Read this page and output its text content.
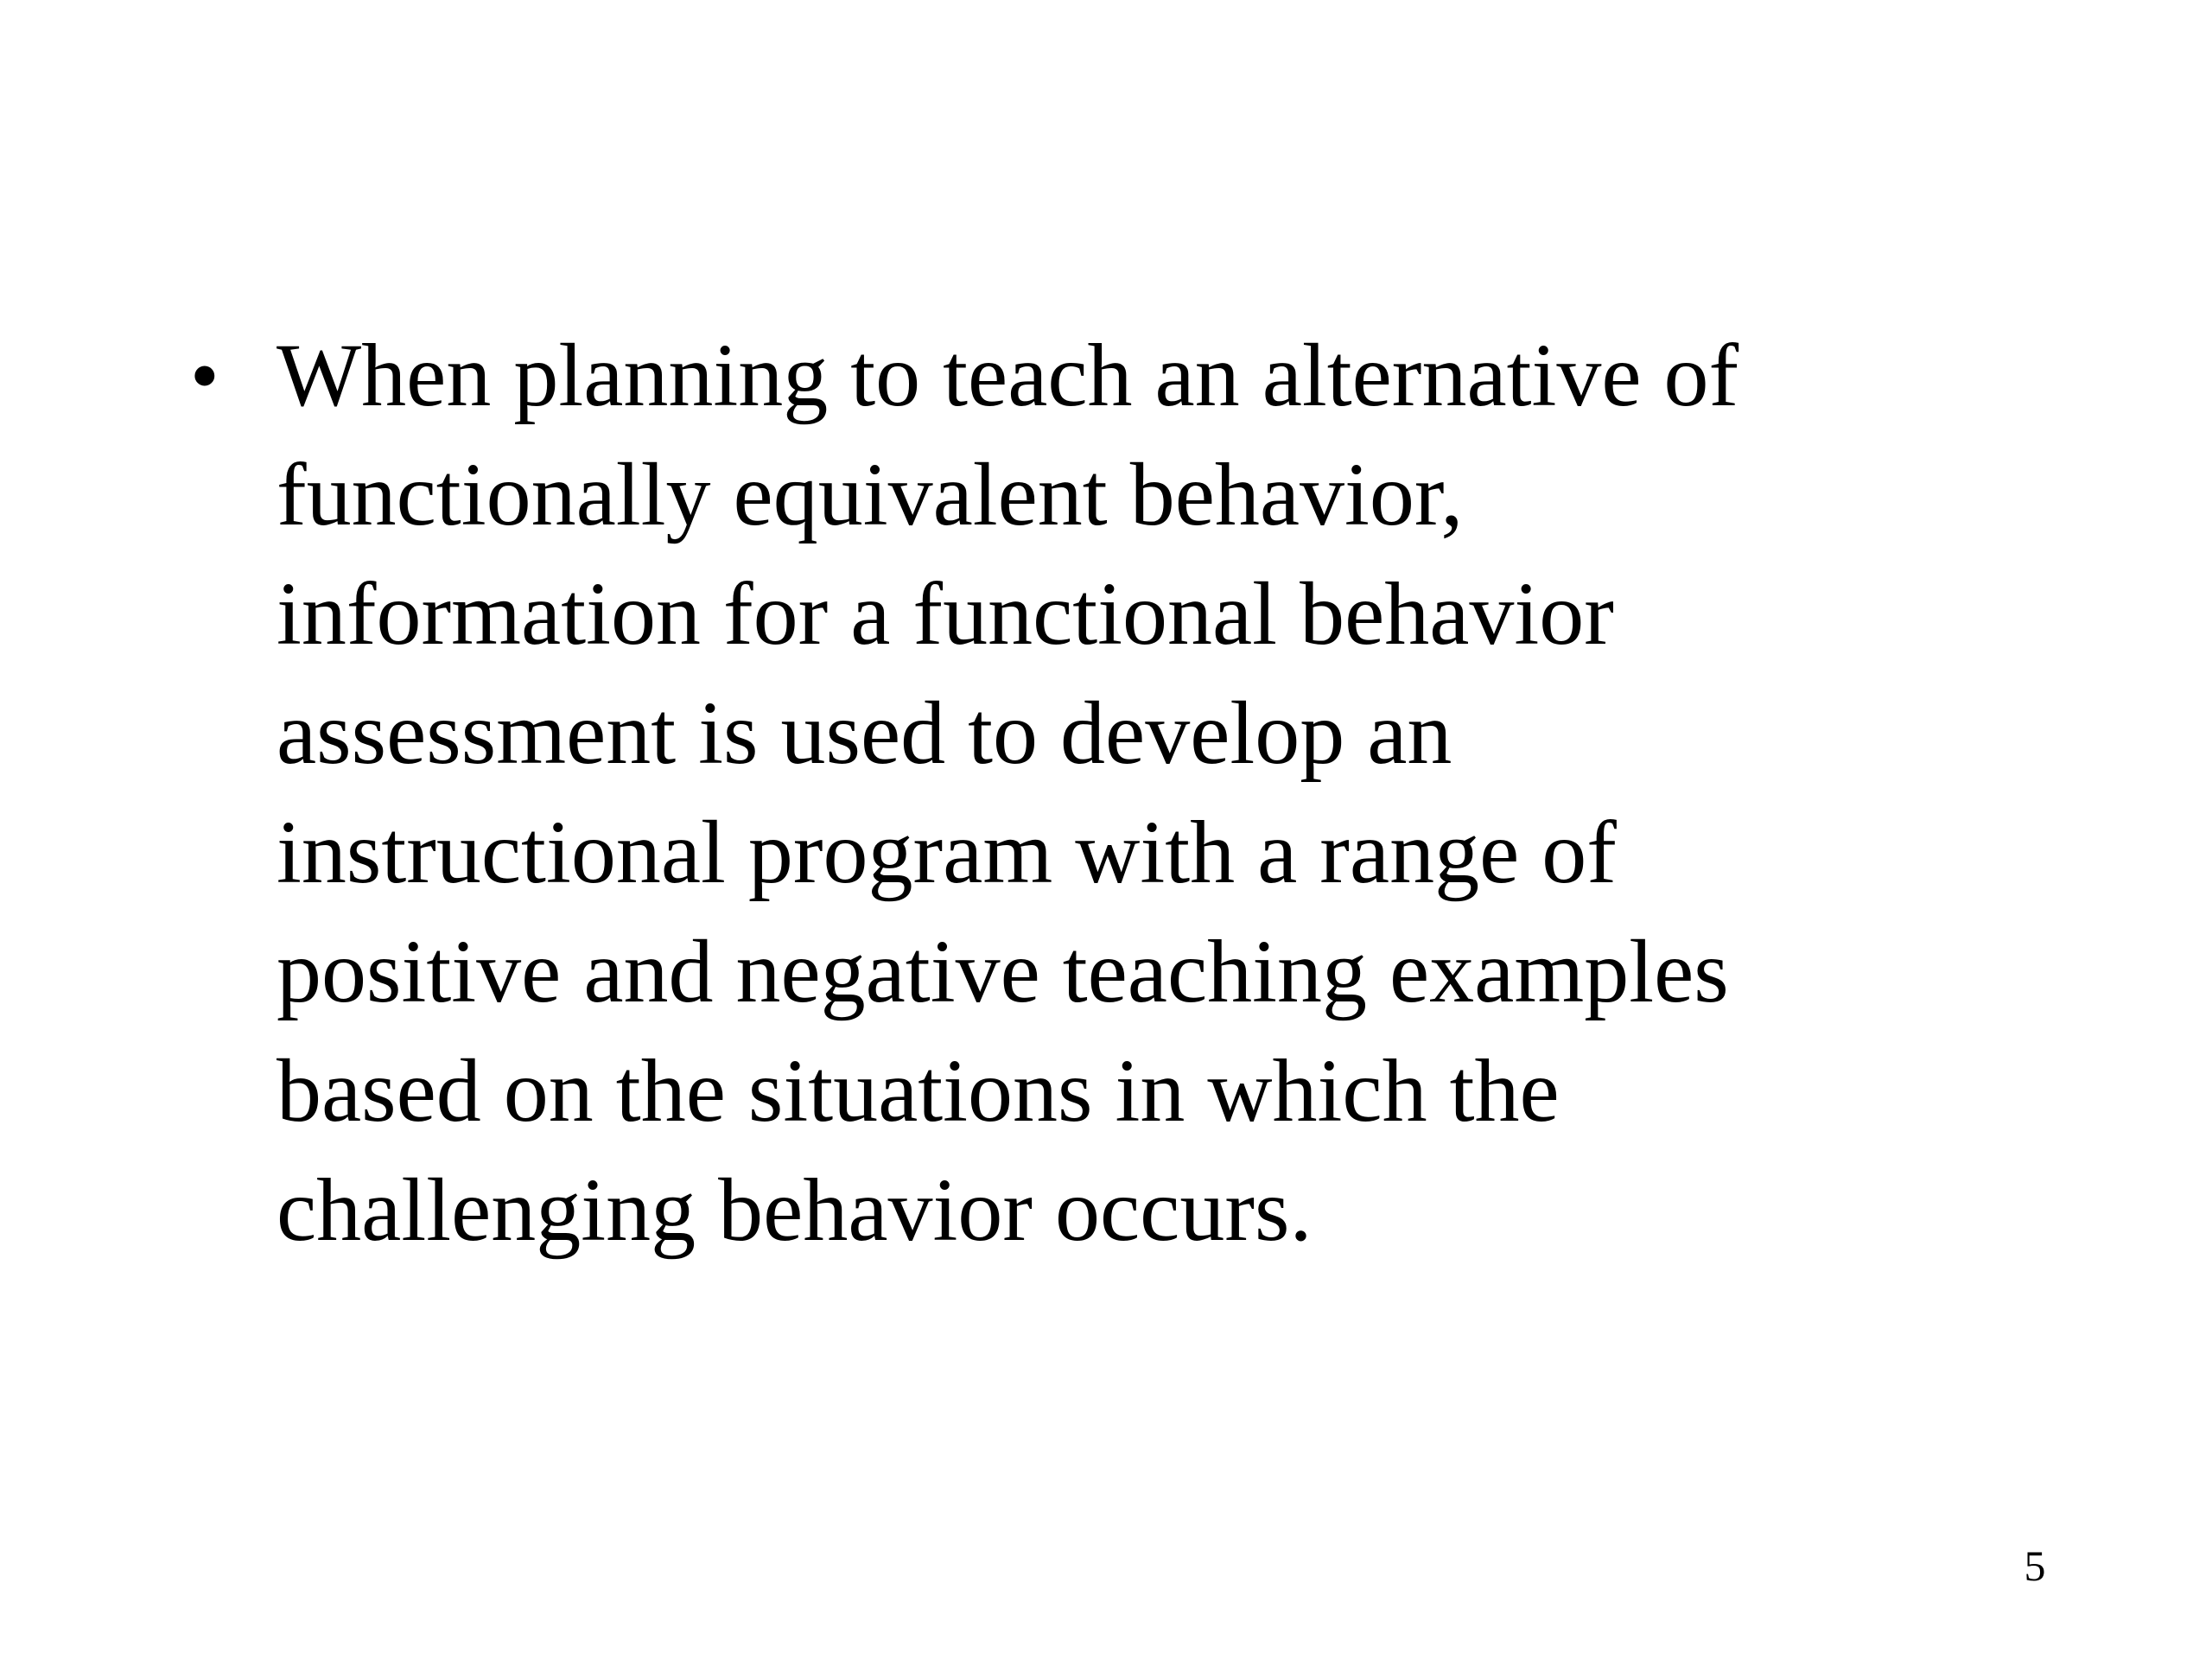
• When planning to teach an alternative of
functionally equivalent behavior,
information for a functional behavior
assessment is used to develop an
instructional program with a range of
positive and negative teaching examples
based on the situations in which the
challenging behavior occurs.
5
